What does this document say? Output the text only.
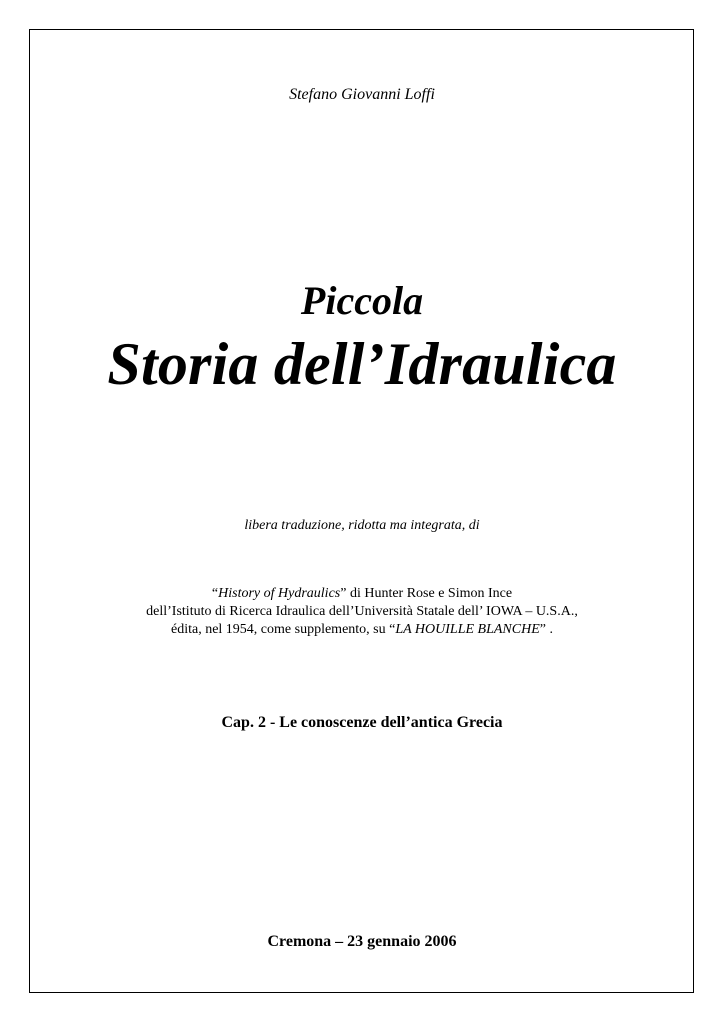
Stefano Giovanni Loffi
Piccola
Storia dell’Idraulica
libera traduzione, ridotta ma integrata, di
“History of Hydraulics” di Hunter Rose e Simon Ince
dell’Istituto di Ricerca Idraulica dell’Università Statale dell’ IOWA – U.S.A.,
édita, nel 1954, come supplemento, su “LA HOUILLE BLANCHE” .
Cap. 2 - Le conoscenze dell’antica Grecia
Cremona – 23 gennaio 2006
